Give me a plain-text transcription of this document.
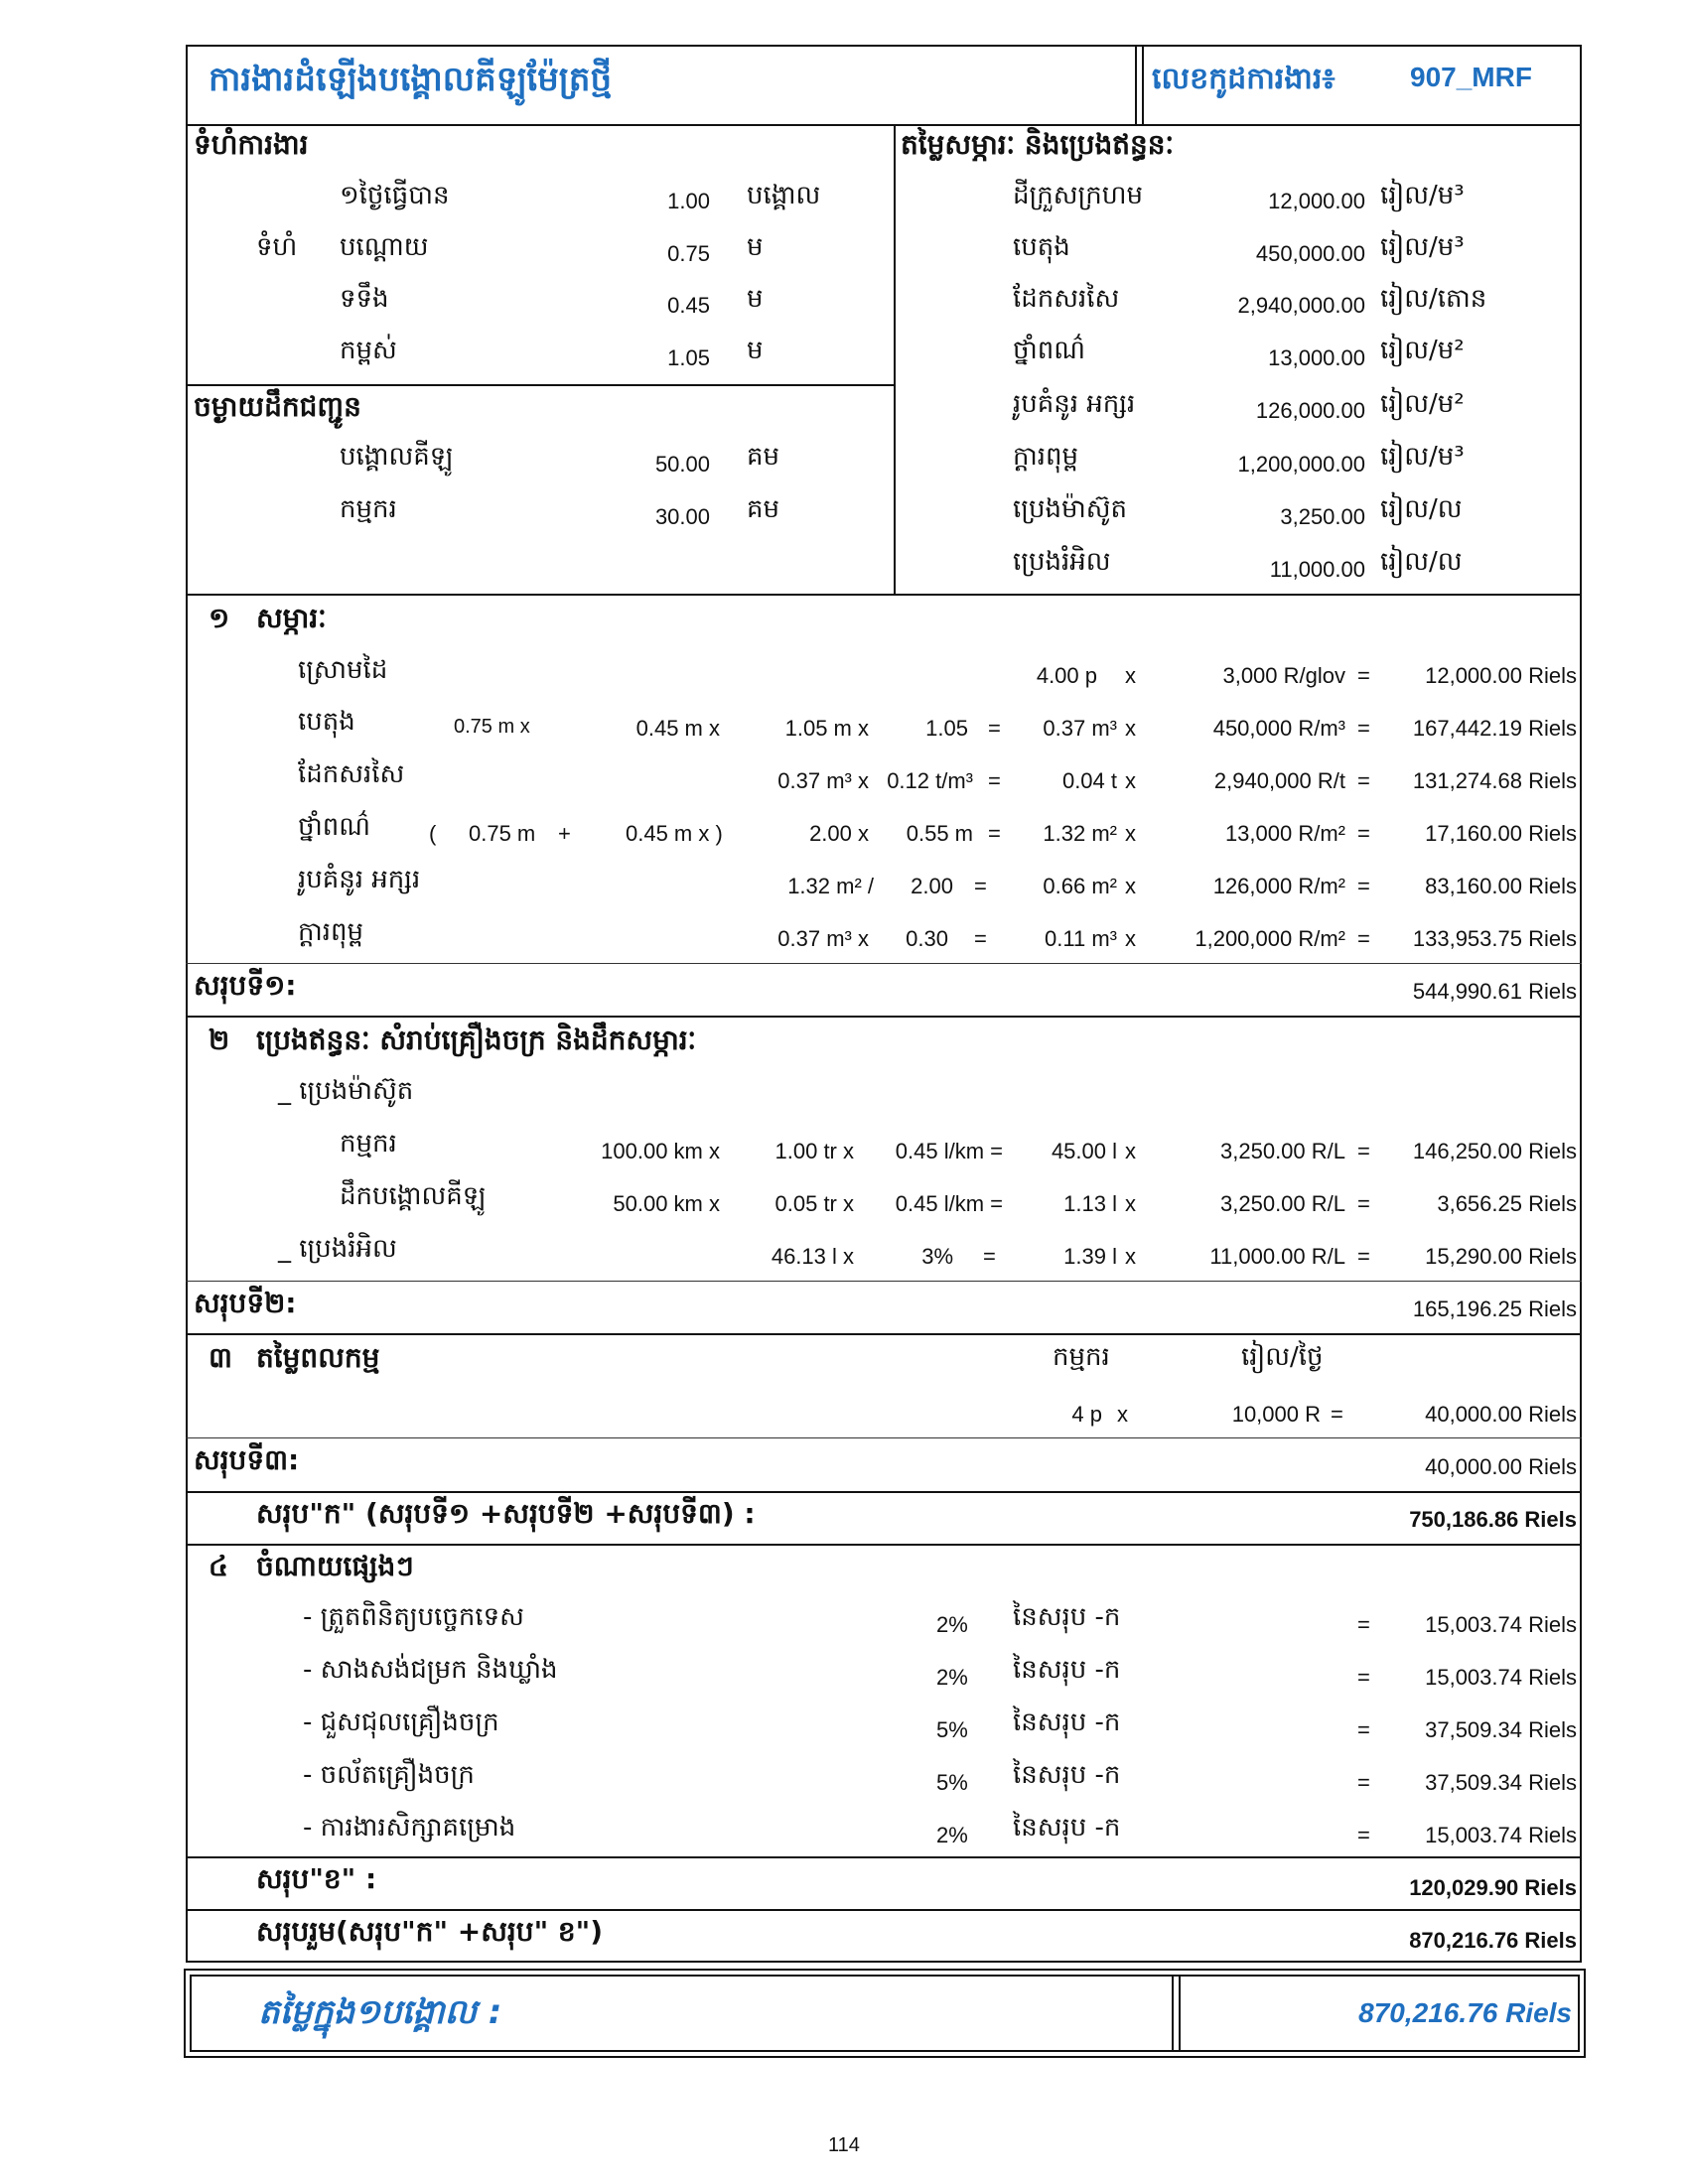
ការងារដំឡើងបង្គោលគីឡូម៉ែត្រថ្មី	លេខកូដការងារ៖	907_MRF
ទំហំការងារ
១ថ្ងៃធ្វើបាន	1.00 បង្គោល
ទំហំ បណ្តោយ	0.75 ម
ទទឹង	0.45 ម
កម្ពស់	1.05 ម
ចម្ងាយដឹកជញ្ជូន
បង្គោលគីឡូ	50.00 គម
កម្មករ	30.00 គម
តម្លៃសម្ភារៈ និងប្រេងឥន្ធនៈ
ដីក្រួសក្រហម	12,000.00 រៀល/ម³
បេតុង	450,000.00 រៀល/ម³
ដែកសរសៃ	2,940,000.00 រៀល/តោន
ថ្នាំពណ៌	13,000.00 រៀល/ម²
រូបគំនូរ អក្សរ	126,000.00 រៀល/ម²
ក្តារពុម្ព	1,200,000.00 រៀល/ម³
ប្រេងម៉ាស៊ូត	3,250.00 រៀល/ល
ប្រេងរំអិល	11,000.00 រៀល/ល
១ សម្ភារៈ
ស្រោមដៃ	4.00 p x	3,000 R/glov =	12,000.00 Riels
បេតុង	0.75 m x	0.45 m x	1.05 m x	1.05 =	0.37 m³ x	450,000 R/m³ =	167,442.19 Riels
ដែកសរសៃ	0.37 m³ x 0.12 t/m³ =	0.04 t x	2,940,000 R/t =	131,274.68 Riels
ថ្នាំពណ៌	( 0.75 m +	0.45 m x )	2.00 x	0.55 m =	1.32 m² x	13,000 R/m² =	17,160.00 Riels
រូបគំនូរ អក្សរ	1.32 m² /	2.00 =	0.66 m² x	126,000 R/m² =	83,160.00 Riels
ក្តារពុម្ព	0.37 m³ x	0.30 =	0.11 m³ x	1,200,000 R/m² =	133,953.75 Riels
សរុបទី១:	544,990.61 Riels
២ ប្រេងឥន្ធនៈ សំរាប់គ្រឿងចក្រ និងដឹកសម្ភារៈ
_ ប្រេងម៉ាស៊ូត
កម្មករ	100.00 km x	1.00 tr x	0.45 l/km =	45.00 l x	3,250.00 R/L =	146,250.00 Riels
ដឹកបង្គោលគីឡូ	50.00 km x	0.05 tr x	0.45 l/km =	1.13 l x	3,250.00 R/L =	3,656.25 Riels
_ ប្រេងរំអិល	46.13 l x	3% =	1.39 l x	11,000.00 R/L =	15,290.00 Riels
សរុបទី២:	165,196.25 Riels
៣ តម្លៃពលកម្ម	កម្មករ	រៀល/ថ្ងៃ
4 p x	10,000 R =	40,000.00 Riels
សរុបទី៣:	40,000.00 Riels
សរុប"ក" (សរុបទី១ +សរុបទី២ +សរុបទី៣) :	750,186.86 Riels
៤ ចំណាយផ្សេងៗ
- ត្រួតពិនិត្យបច្ចេកទេស	2% នៃសរុប -ក	=	15,003.74 Riels
- សាងសង់ជម្រក និងឃ្លាំង	2% នៃសរុប -ក	=	15,003.74 Riels
- ជួសជុលគ្រឿងចក្រ	5% នៃសរុប -ក	=	37,509.34 Riels
- ចល័តគ្រឿងចក្រ	5% នៃសរុប -ក	=	37,509.34 Riels
- ការងារសិក្សាគម្រោង	2% នៃសរុប -ក	=	15,003.74 Riels
សរុប"ខ" :	120,029.90 Riels
សរុបរួម(សរុប"ក" +សរុប" ខ")	870,216.76 Riels
តម្លៃក្នុង១បង្គោល :	870,216.76 Riels
114
